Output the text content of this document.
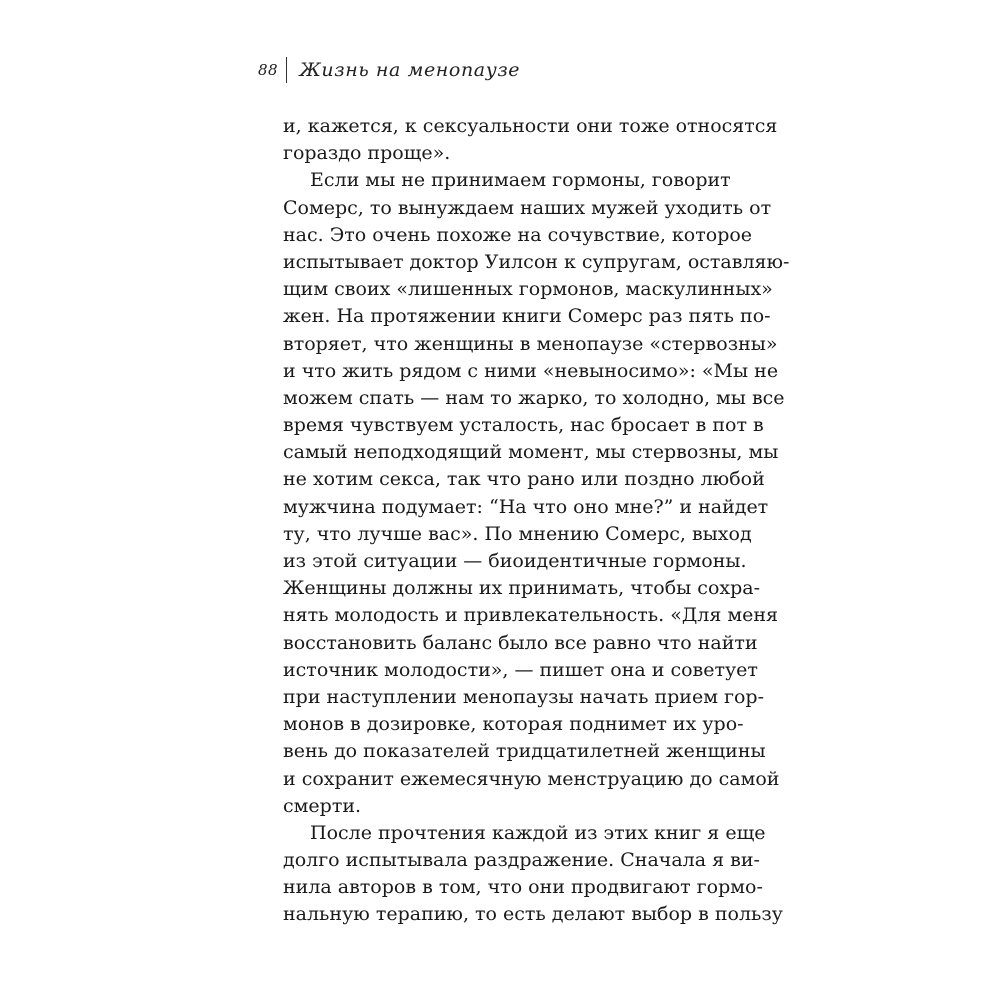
88	Жизнь на менопаузе
и, кажется, к сексуальности они тоже относятся
гораздо проще».
Если мы не принимаем гормоны, говорит
Сомерс, то вынуждаем наших мужей уходить от
нас. Это очень похоже на сочувствие, которое
испытывает доктор Уилсон к супругам, оставляю-
щим своих «лишенных гормонов, маскулинных»
жен. На протяжении книги Сомерс раз пять по-
вторяет, что женщины в менопаузе «стервозны»
и что жить рядом с ними «невыносимо»: «Мы не
можем спать — нам то жарко, то холодно, мы все
время чувствуем усталость, нас бросает в пот в
самый неподходящий момент, мы стервозны, мы
не хотим секса, так что рано или поздно любой
мужчина подумает: “На что оно мне?” и найдет
ту, что лучше вас». По мнению Сомерс, выход
из этой ситуации — биоидентичные гормоны.
Женщины должны их принимать, чтобы сохра-
нять молодость и привлекательность. «Для меня
восстановить баланс было все равно что найти
источник молодости», — пишет она и советует
при наступлении менопаузы начать прием гор-
монов в дозировке, которая поднимет их уро-
вень до показателей тридцатилетней женщины
и сохранит ежемесячную менструацию до самой
смерти.
После прочтения каждой из этих книг я еще
долго испытывала раздражение. Сначала я ви-
нила авторов в том, что они продвигают гормо-
нальную терапию, то есть делают выбор в пользу
